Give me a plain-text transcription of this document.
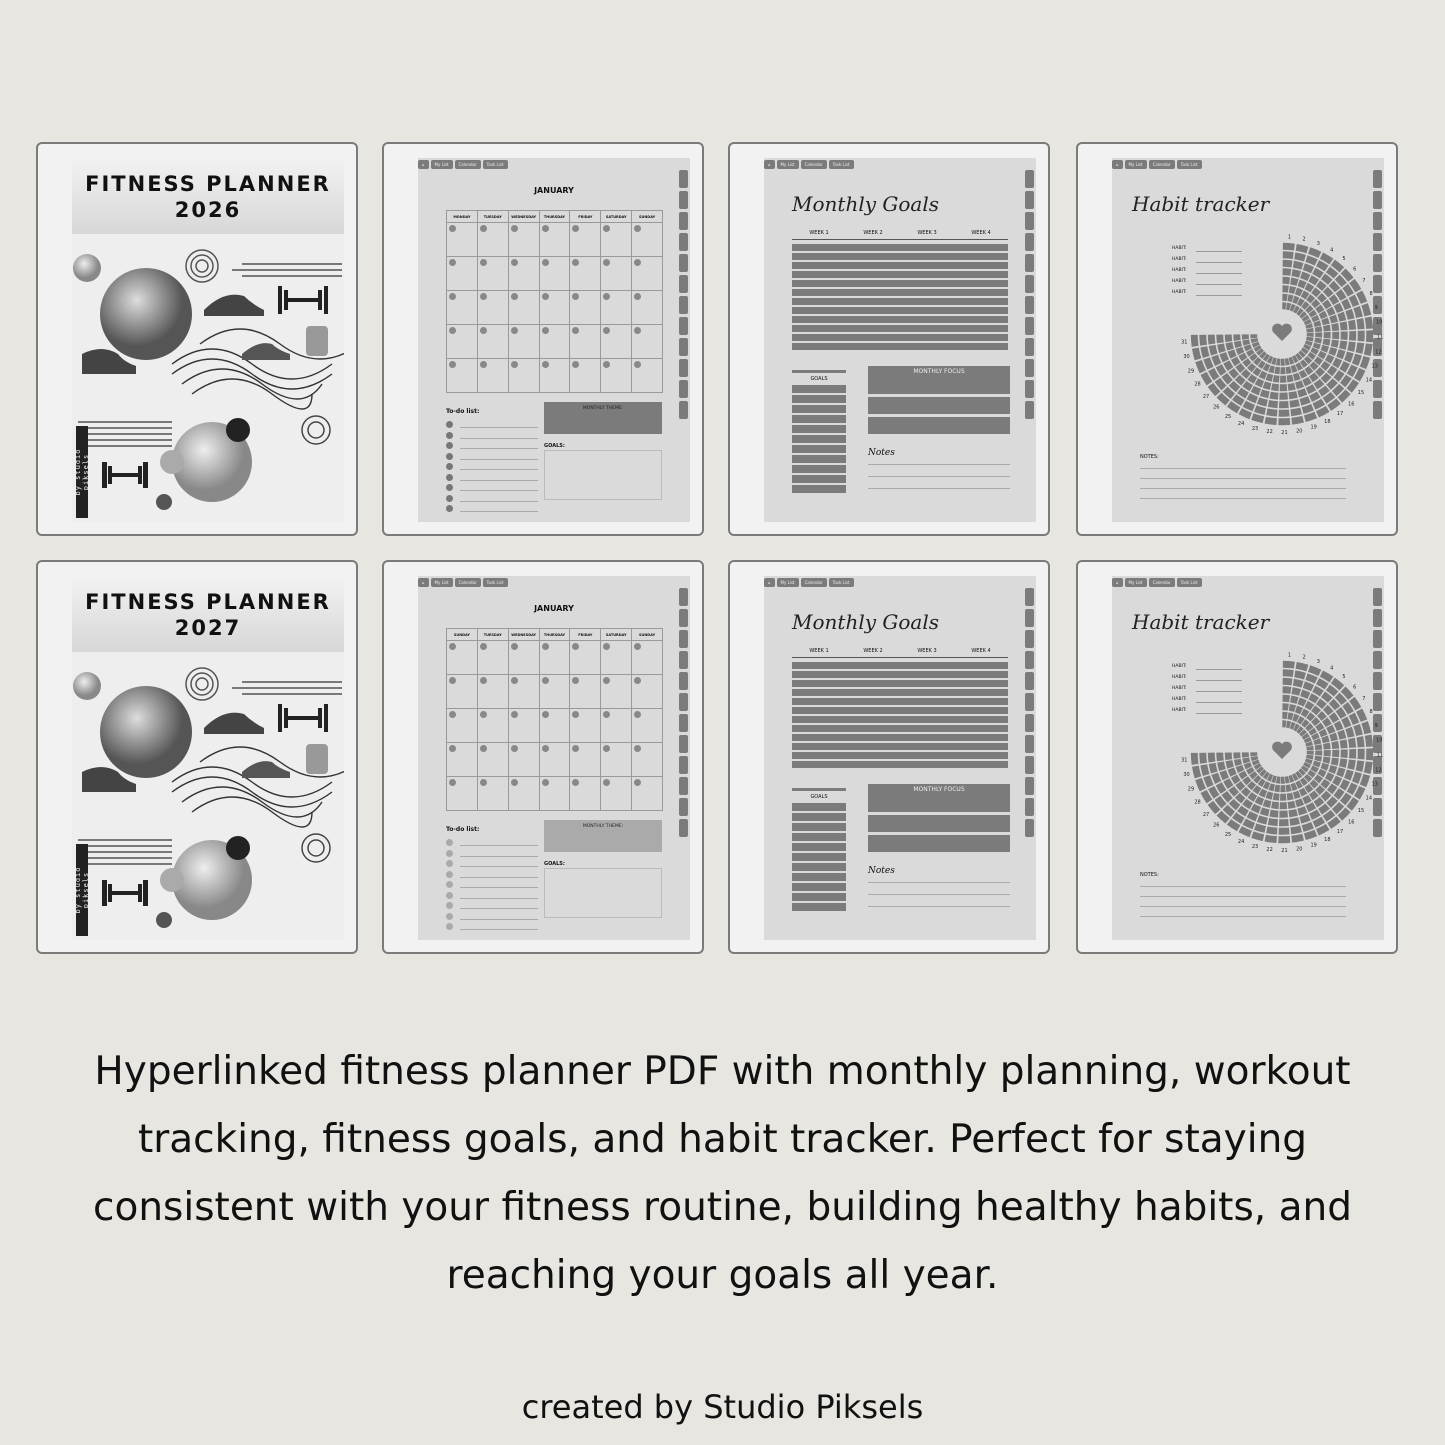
FITNESS PLANNER
2026
by studio piksels
⌂	My List	Calendar	Task List
JANUARY
MONDAY	TUESDAY	WEDNESDAY	THURSDAY	FRIDAY	SATURDAY	SUNDAY
To-do list:	MONTHLY THEME:
GOALS:
⌂	My List	Calendar	Task List
Monthly Goals
WEEK 1	WEEK 2	WEEK 3	WEEK 4
GOALS
MONTHLY FOCUS
Notes
⌂	My List	Calendar	Task List
Habit tracker
HABIT:
HABIT:
HABIT:
HABIT:
HABIT:
1 2
3
4
5
6
7
8
9
10
11
12
13
14
15
16
17
18
19
20
21
22
23
24
25
26
27
28
29
30
31
NOTES:
FITNESS PLANNER
2027
by studio piksels
⌂	My List	Calendar	Task List
JANUARY
SUNDAY	TUESDAY	WEDNESDAY	THURSDAY	FRIDAY	SATURDAY	SUNDAY
To-do list:	MONTHLY THEME:
GOALS:
⌂	My List	Calendar	Task List
Monthly Goals
WEEK 1	WEEK 2	WEEK 3	WEEK 4
GOALS
MONTHLY FOCUS
Notes
⌂	My List	Calendar	Task List
Habit tracker
HABIT:
HABIT:
HABIT:
HABIT:
HABIT:
1 2
3
4
5
6
7
8
9
10
11
12
13
14
15
16
17
18
19
20
21
22
23
24
25
26
27
28
29
30
31
NOTES:
Hyperlinked fitness planner PDF with monthly planning, workout tracking, fitness goals, and habit tracker. Perfect for staying consistent with your fitness routine, building healthy habits, and reaching your goals all year.
created by Studio Piksels
